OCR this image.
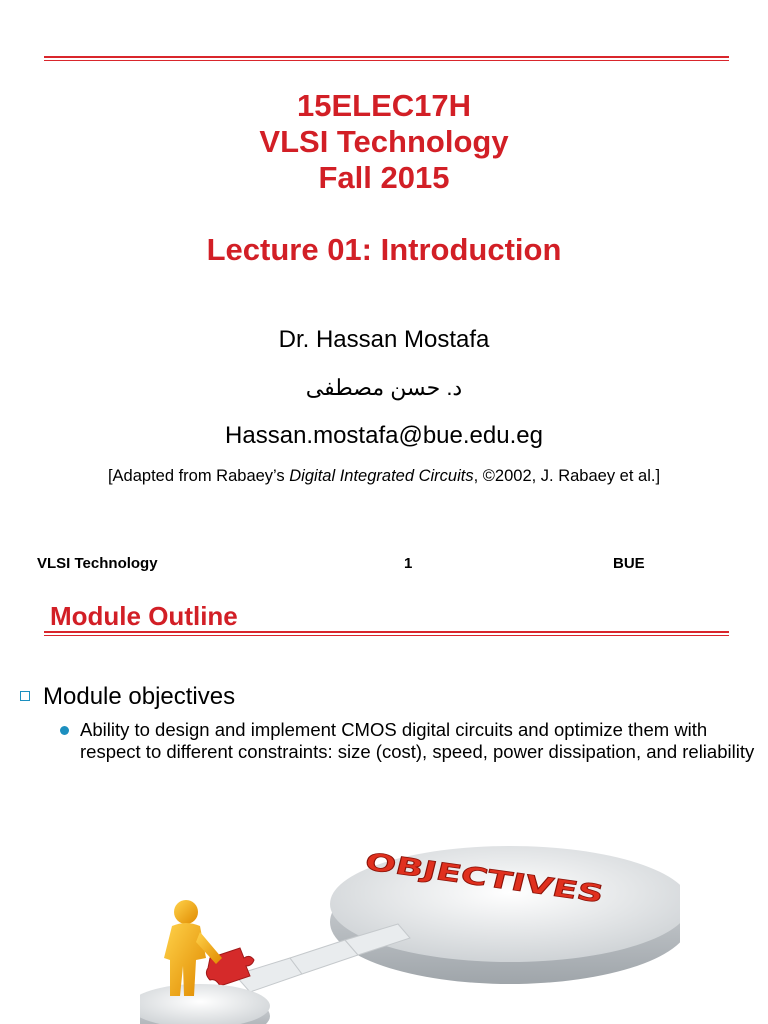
15ELEC17H
VLSI Technology
Fall 2015
Lecture 01: Introduction
Dr. Hassan Mostafa
د. حسن مصطفى
Hassan.mostafa@bue.edu.eg
[Adapted from Rabaey’s Digital Integrated Circuits, ©2002, J. Rabaey et al.]
VLSI Technology	1	BUE
Module Outline
Module objectives
Ability to design and implement CMOS digital circuits and optimize them with respect to different constraints: size (cost), speed, power dissipation, and reliability
OBJECTIVES
